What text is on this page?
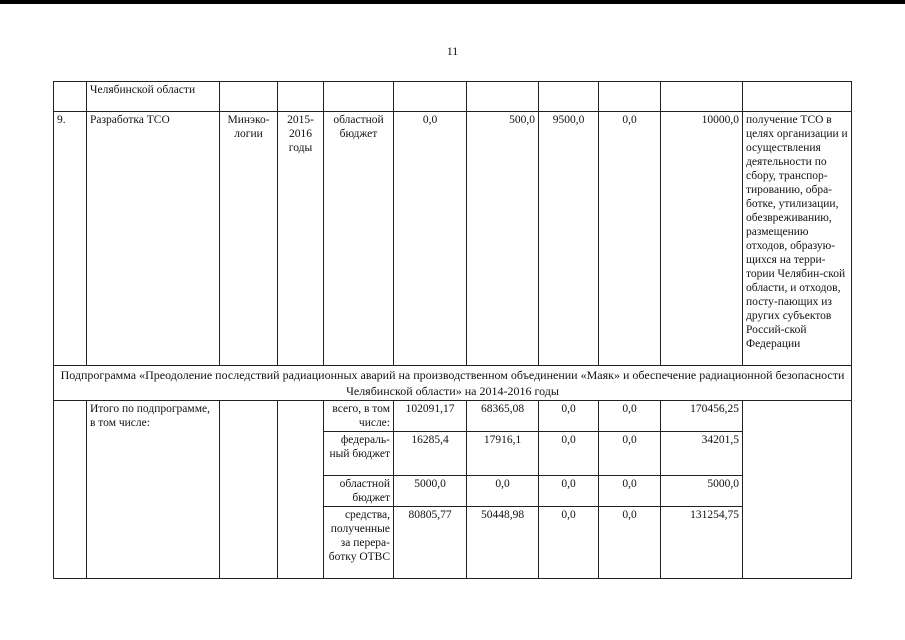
11
	Челябинской области									
9.	Разработка ТСО	Минэко-логии	2015-2016 годы	областной бюджет	0,0	500,0	9500,0	0,0	10000,0	получение ТСО в целях организации и осуществления деятельности по сбору, транспор-тированию, обра-ботке, утилизации, обезвреживанию, размещению отходов, образую-щихся на терри-тории Челябин-ской области, и отходов, посту-пающих из других субъектов Россий-ской Федерации
Подпрограмма «Преодоление последствий радиационных аварий на производственном объединении «Маяк» и обеспечение радиационной безопасности Челябинской области» на 2014-2016 годы										
	Итого по подпрограмме, в том числе:			всего, в том числе:	102091,17	68365,08	0,0	0,0	170456,25	
				федераль-ный бюджет	16285,4	17916,1	0,0	0,0	34201,5	
				областной бюджет	5000,0	0,0	0,0	0,0	5000,0	
				средства, полученные за перера-ботку ОТВС	80805,77	50448,98	0,0	0,0	131254,75	
